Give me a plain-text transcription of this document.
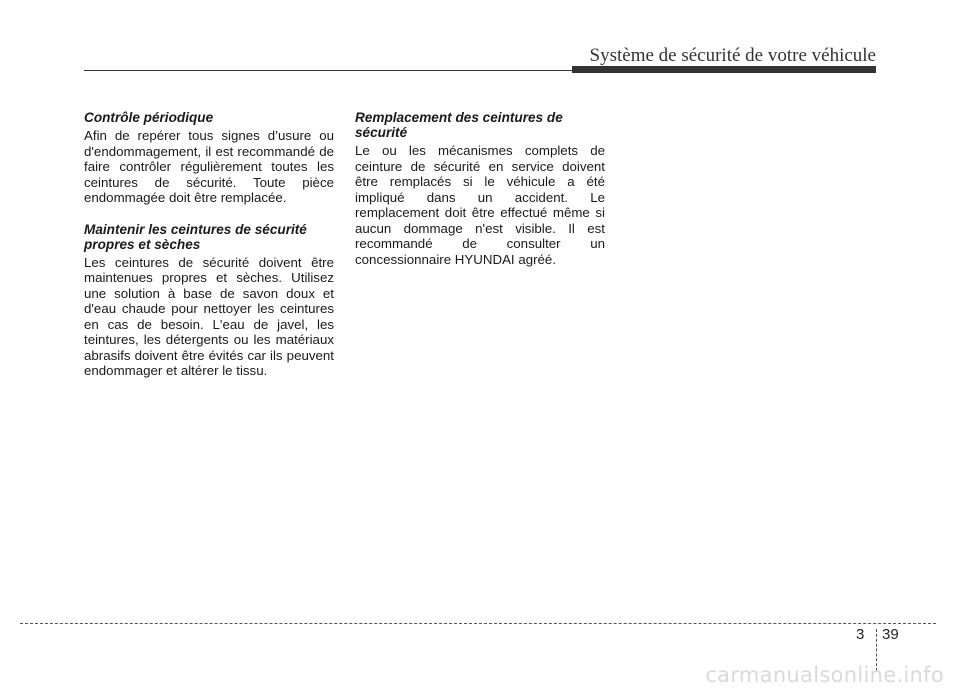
Système de sécurité de votre véhicule

Contrôle périodique

Afin de repérer tous signes d’usure ou d'endommagement, il est recommandé de faire contrôler régulièrement toutes les ceintures de sécurité. Toute pièce endommagée doit être remplacée.

Maintenir les ceintures de sécurité propres et sèches

Les ceintures de sécurité doivent être maintenues propres et sèches. Utilisez une solution à base de savon doux et d'eau chaude pour nettoyer les ceintures en cas de besoin. L'eau de javel, les teintures, les détergents ou les matériaux abrasifs doivent être évités car ils peuvent endommager et altérer le tissu.

Remplacement des ceintures de sécurité

Le ou les mécanismes complets de ceinture de sécurité en service doivent être remplacés si le véhicule a été impliqué dans un accident. Le remplacement doit être effectué même si aucun dommage n'est visible. Il est recommandé de consulter un concessionnaire HYUNDAI agréé.

3 39
carmanualsonline.info
